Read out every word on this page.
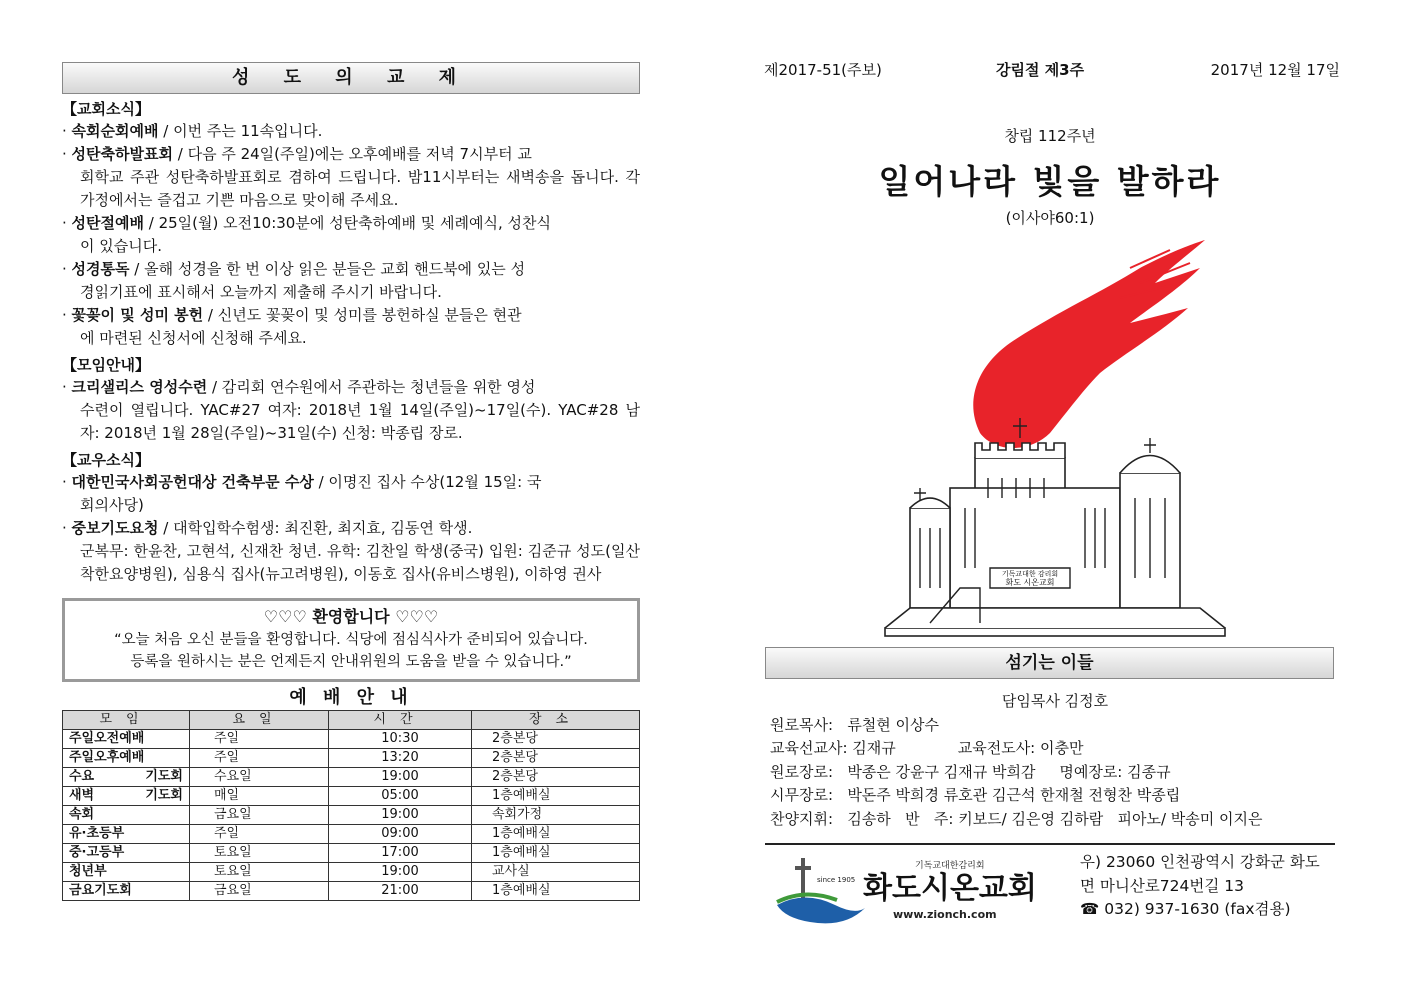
성 도 의 교 제
【교회소식】
· 속회순회예배 / 이번 주는 11속입니다.
· 성탄축하발표회 / 다음 주 24일(주일)에는 오후예배를 저녁 7시부터 교
회학교 주관 성탄축하발표회로 겸하여 드립니다. 밤11시부터는 새벽송을 돕니다. 각 가정에서는 즐겁고 기쁜 마음으로 맞이해 주세요.
· 성탄절예배 / 25일(월) 오전10:30분에 성탄축하예배 및 세례예식, 성찬식
이 있습니다.
· 성경통독 / 올해 성경을 한 번 이상 읽은 분들은 교회 핸드북에 있는 성
경읽기표에 표시해서 오늘까지 제출해 주시기 바랍니다.
· 꽃꽂이 및 성미 봉헌 / 신년도 꽃꽂이 및 성미를 봉헌하실 분들은 현관
에 마련된 신청서에 신청해 주세요.
【모임안내】
· 크리샐리스 영성수련 / 감리회 연수원에서 주관하는 청년들을 위한 영성
수련이 열립니다. YAC#27 여자: 2018년 1월 14일(주일)~17일(수). YAC#28 남자: 2018년 1월 28일(주일)~31일(수) 신청: 박종립 장로.
【교우소식】
· 대한민국사회공헌대상 건축부문 수상 / 이명진 집사 수상(12월 15일: 국
회의사당)
· 중보기도요청 / 대학입학수험생: 최진환, 최지효, 김동연 학생.
군복무: 한윤찬, 고현석, 신재찬 청년. 유학: 김찬일 학생(중국) 입원: 김준규 성도(일산착한요양병원), 심용식 집사(뉴고려병원), 이동호 집사(유비스병원), 이하영 권사
♡♡♡ 환영합니다 ♡♡♡
“오늘 처음 오신 분들을 환영합니다. 식당에 점심식사가 준비되어 있습니다.
등록을 원하시는 분은 언제든지 안내위원의 도움을 받을 수 있습니다.”
예 배 안 내
모임	요일	시간	장소
주일오전예배	주일	10:30	2층본당
주일오후예배	주일	13:20	2층본당
수요 기도회	수요일	19:00	2층본당
새벽 기도회	매일	05:00	1층예배실
속회	금요일	19:00	속회가정
유·초등부	주일	09:00	1층예배실
중·고등부	토요일	17:00	1층예배실
청년부	토요일	19:00	교사실
금요기도회	금요일	21:00	1층예배실
제2017-51(주보)	강림절 제3주	2017년 12월 17일
창립 112주년
일어나라 빛을 발하라
(이사야60:1)
기독교대한 감리회
화도 시온교회
섬기는 이들
담임목사 김정호
원로목사:   류철현 이상수
교육선교사: 김재규             교육전도사: 이충만
원로장로:   박종은 강윤구 김재규 박희감     명예장로: 김종규
시무장로:   박돈주 박희경 류호관 김근석 한재철 전형찬 박종립
찬양지휘:   김송하   반   주: 키보드/ 김은영 김하람   피아노/ 박송미 이지은
since 1905
기독교대한감리회
화도시온교회
www.zionch.com
우) 23060 인천광역시 강화군 화도
면 마니산로724번길 13
☎ 032) 937-1630 (fax겸용)
